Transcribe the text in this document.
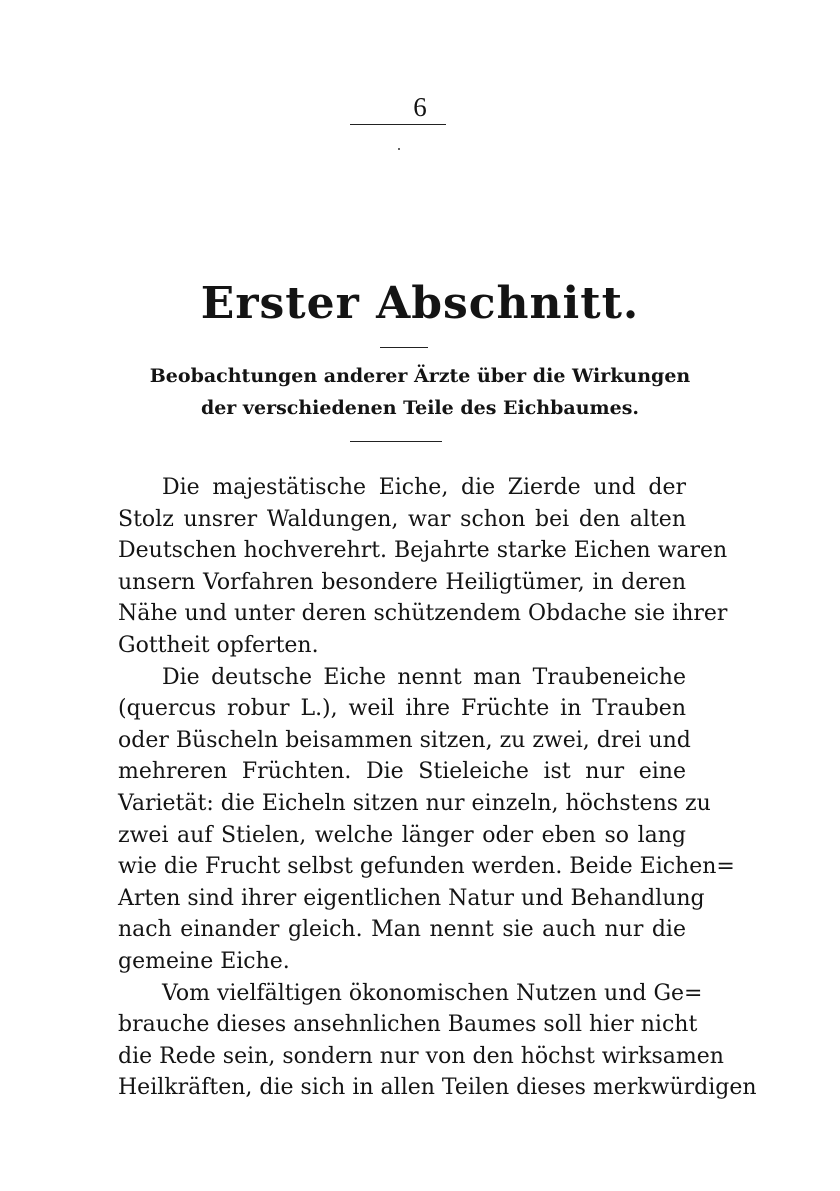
6
Erster Abschnitt.
Beobachtungen anderer Ärzte über die Wirkungen
der verschiedenen Teile des Eichbaumes.
Die majestätische Eiche, die Zierde und der
Stolz unsrer Waldungen, war schon bei den alten
Deutschen hochverehrt. Bejahrte starke Eichen waren
unsern Vorfahren besondere Heiligtümer, in deren
Nähe und unter deren schützendem Obdache sie ihrer
Gottheit opferten.
Die deutsche Eiche nennt man Traubeneiche
(quercus robur L.), weil ihre Früchte in Trauben
oder Büscheln beisammen sitzen, zu zwei, drei und
mehreren Früchten. Die Stieleiche ist nur eine
Varietät: die Eicheln sitzen nur einzeln, höchstens zu
zwei auf Stielen, welche länger oder eben so lang
wie die Frucht selbst gefunden werden. Beide Eichen=
Arten sind ihrer eigentlichen Natur und Behandlung
nach einander gleich. Man nennt sie auch nur die
gemeine Eiche.
Vom vielfältigen ökonomischen Nutzen und Ge=
brauche dieses ansehnlichen Baumes soll hier nicht
die Rede sein, sondern nur von den höchst wirksamen
Heilkräften, die sich in allen Teilen dieses merkwürdigen
